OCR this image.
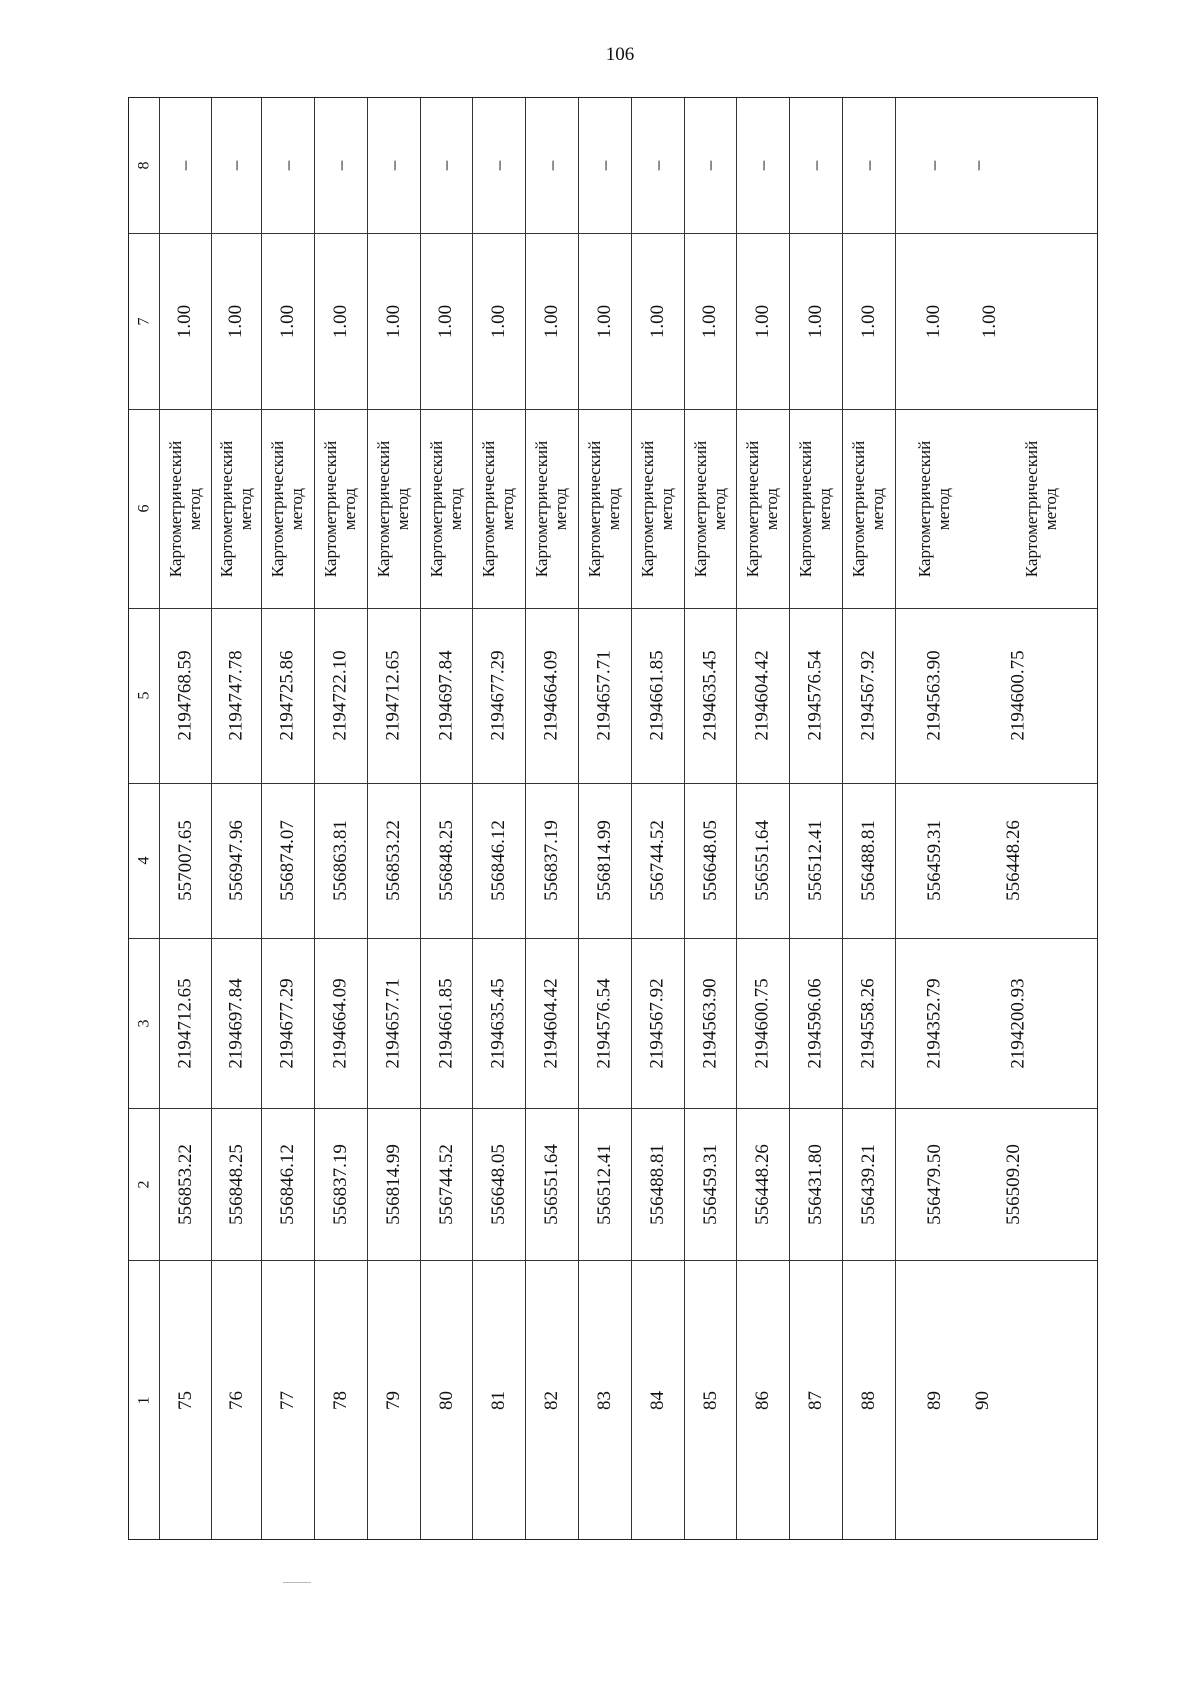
106
8
7
6
5
4
3
2
1
–
1.00
Картометрический
метод
2194768.59
557007.65
2194712.65
556853.22
75
–
1.00
Картометрический
метод
2194747.78
556947.96
2194697.84
556848.25
76
–
1.00
Картометрический
метод
2194725.86
556874.07
2194677.29
556846.12
77
–
1.00
Картометрический
метод
2194722.10
556863.81
2194664.09
556837.19
78
–
1.00
Картометрический
метод
2194712.65
556853.22
2194657.71
556814.99
79
–
1.00
Картометрический
метод
2194697.84
556848.25
2194661.85
556744.52
80
–
1.00
Картометрический
метод
2194677.29
556846.12
2194635.45
556648.05
81
–
1.00
Картометрический
метод
2194664.09
556837.19
2194604.42
556551.64
82
–
1.00
Картометрический
метод
2194657.71
556814.99
2194576.54
556512.41
83
–
1.00
Картометрический
метод
2194661.85
556744.52
2194567.92
556488.81
84
–
1.00
Картометрический
метод
2194635.45
556648.05
2194563.90
556459.31
85
–
1.00
Картометрический
метод
2194604.42
556551.64
2194600.75
556448.26
86
–
1.00
Картометрический
метод
2194576.54
556512.41
2194596.06
556431.80
87
–
1.00
Картометрический
метод
2194567.92
556488.81
2194558.26
556439.21
88
–
1.00
Картометрический
метод
2194563.90
556459.31
2194352.79
556479.50
89
–
1.00
Картометрический
метод
2194600.75
556448.26
2194200.93
556509.20
90
